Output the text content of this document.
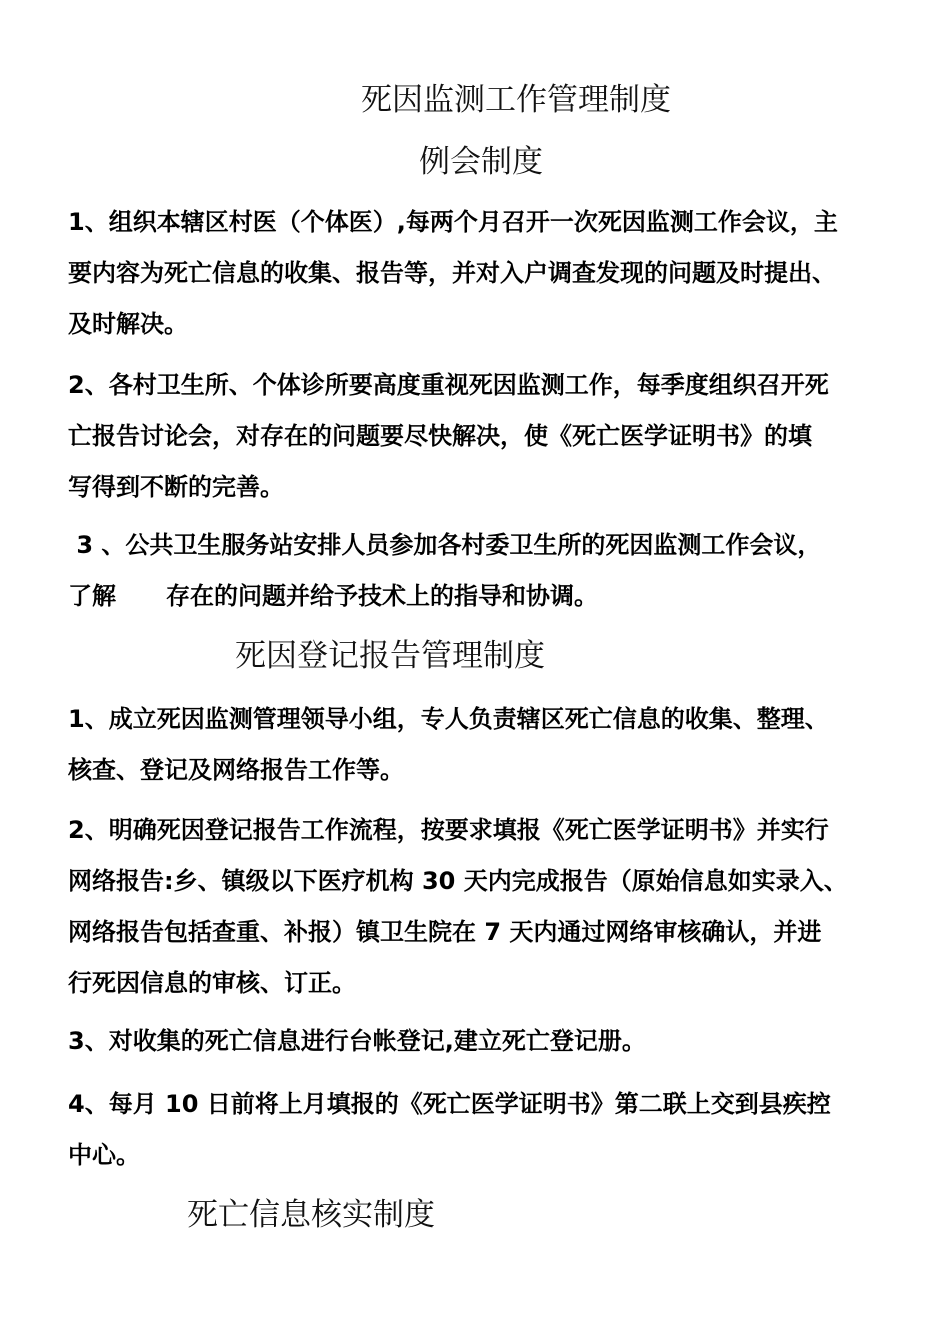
死因监测工作管理制度
例会制度
1、组织本辖区村医（个体医）,每两个月召开一次死因监测工作会议，主
要内容为死亡信息的收集、报告等，并对入户调查发现的问题及时提出、
及时解决。
2、各村卫生所、个体诊所要高度重视死因监测工作，每季度组织召开死
亡报告讨论会，对存在的问题要尽快解决，使《死亡医学证明书》的填
写得到不断的完善。
3 、公共卫生服务站安排人员参加各村委卫生所的死因监测工作会议，
了解 存在的问题并给予技术上的指导和协调。
死因登记报告管理制度
1、成立死因监测管理领导小组，专人负责辖区死亡信息的收集、整理、
核查、登记及网络报告工作等。
2、明确死因登记报告工作流程，按要求填报《死亡医学证明书》并实行
网络报告:乡、镇级以下医疗机构 30 天内完成报告（原始信息如实录入、
网络报告包括查重、补报）镇卫生院在 7 天内通过网络审核确认，并进
行死因信息的审核、订正。
3、对收集的死亡信息进行台帐登记,建立死亡登记册。
4、每月 10 日前将上月填报的《死亡医学证明书》第二联上交到县疾控
中心。
死亡信息核实制度
